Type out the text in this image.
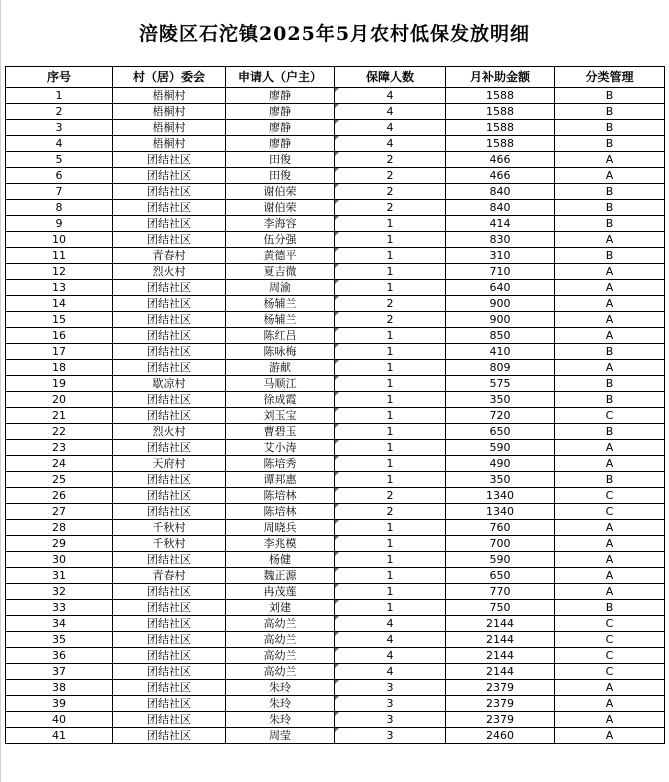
涪陵区石沱镇2025年5月农村低保发放明细
序号	村（居）委会	申请人（户主）	保障人数	月补助金额	分类管理
1	梧桐村	廖静	4	1588	B
2	梧桐村	廖静	4	1588	B
3	梧桐村	廖静	4	1588	B
4	梧桐村	廖静	4	1588	B
5	团结社区	田俊	2	466	A
6	团结社区	田俊	2	466	A
7	团结社区	谢伯荣	2	840	B
8	团结社区	谢伯荣	2	840	B
9	团结社区	李海容	1	414	B
10	团结社区	伍分强	1	830	A
11	青春村	黄德平	1	310	B
12	烈火村	夏吉微	1	710	A
13	团结社区	周渝	1	640	A
14	团结社区	杨辅兰	2	900	A
15	团结社区	杨辅兰	2	900	A
16	团结社区	陈红吕	1	850	A
17	团结社区	陈咏梅	1	410	B
18	团结社区	游献	1	809	A
19	歇凉村	马顺江	1	575	B
20	团结社区	徐成霞	1	350	B
21	团结社区	刘玉宝	1	720	C
22	烈火村	曹碧玉	1	650	B
23	团结社区	艾小涛	1	590	A
24	天府村	陈培秀	1	490	A
25	团结社区	谭邦惠	1	350	B
26	团结社区	陈培林	2	1340	C
27	团结社区	陈培林	2	1340	C
28	千秋村	周晓兵	1	760	A
29	千秋村	李兆模	1	700	A
30	团结社区	杨健	1	590	A
31	青春村	魏正源	1	650	A
32	团结社区	冉茂莲	1	770	A
33	团结社区	刘建	1	750	B
34	团结社区	高幼兰	4	2144	C
35	团结社区	高幼兰	4	2144	C
36	团结社区	高幼兰	4	2144	C
37	团结社区	高幼兰	4	2144	C
38	团结社区	朱玲	3	2379	A
39	团结社区	朱玲	3	2379	A
40	团结社区	朱玲	3	2379	A
41	团结社区	周莹	3	2460	A
